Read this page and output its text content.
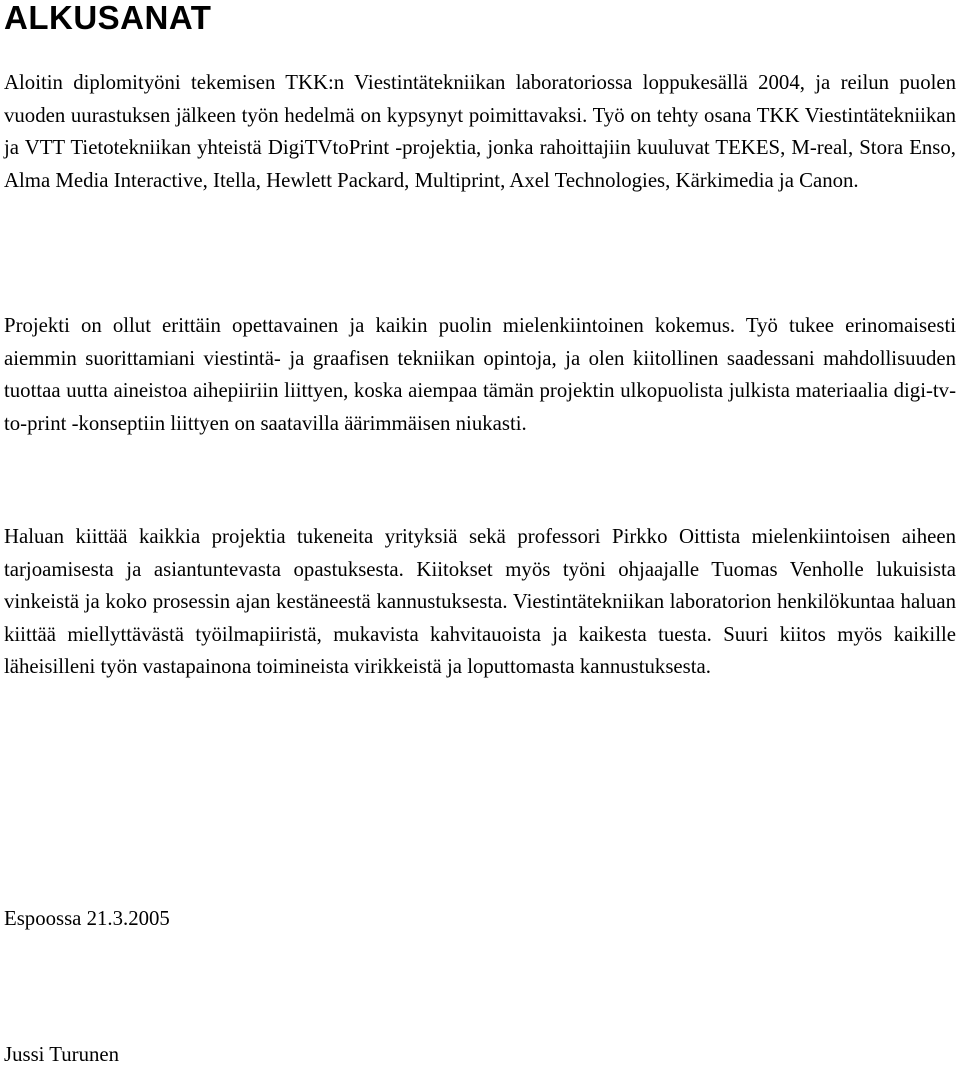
ALKUSANAT

Aloitin diplomityöni tekemisen TKK:n Viestintätekniikan laboratoriossa loppukesällä 2004, ja reilun puolen vuoden uurastuksen jälkeen työn hedelmä on kypsynyt poimittavaksi. Työ on tehty osana TKK Viestintätekniikan ja VTT Tietotekniikan yhteistä DigiTVtoPrint -projektia, jonka rahoittajiin kuuluvat TEKES, M-real, Stora Enso, Alma Media Interactive, Itella, Hewlett Packard, Multiprint, Axel Technologies, Kärkimedia ja Canon.

Projekti on ollut erittäin opettavainen ja kaikin puolin mielenkiintoinen kokemus. Työ tukee erinomaisesti aiemmin suorittamiani viestintä- ja graafisen tekniikan opintoja, ja olen kiitollinen saadessani mahdollisuuden tuottaa uutta aineistoa aihepiiriin liittyen, koska aiempaa tämän projektin ulkopuolista julkista materiaalia digi-tv-to-print -konseptiin liittyen on saatavilla äärimmäisen niukasti.

Haluan kiittää kaikkia projektia tukeneita yrityksiä sekä professori Pirkko Oittista mielenkiintoisen aiheen tarjoamisesta ja asiantuntevasta opastuksesta. Kiitokset myös työni ohjaajalle Tuomas Venholle lukuisista vinkeistä ja koko prosessin ajan kestäneestä kannustuksesta. Viestintätekniikan laboratorion henkilökuntaa haluan kiittää miellyttävästä työilmapiiristä, mukavista kahvitauoista ja kaikesta tuesta. Suuri kiitos myös kaikille läheisilleni työn vastapainona toimineista virikkeistä ja loputtomasta kannustuksesta.

Espoossa 21.3.2005

Jussi Turunen
